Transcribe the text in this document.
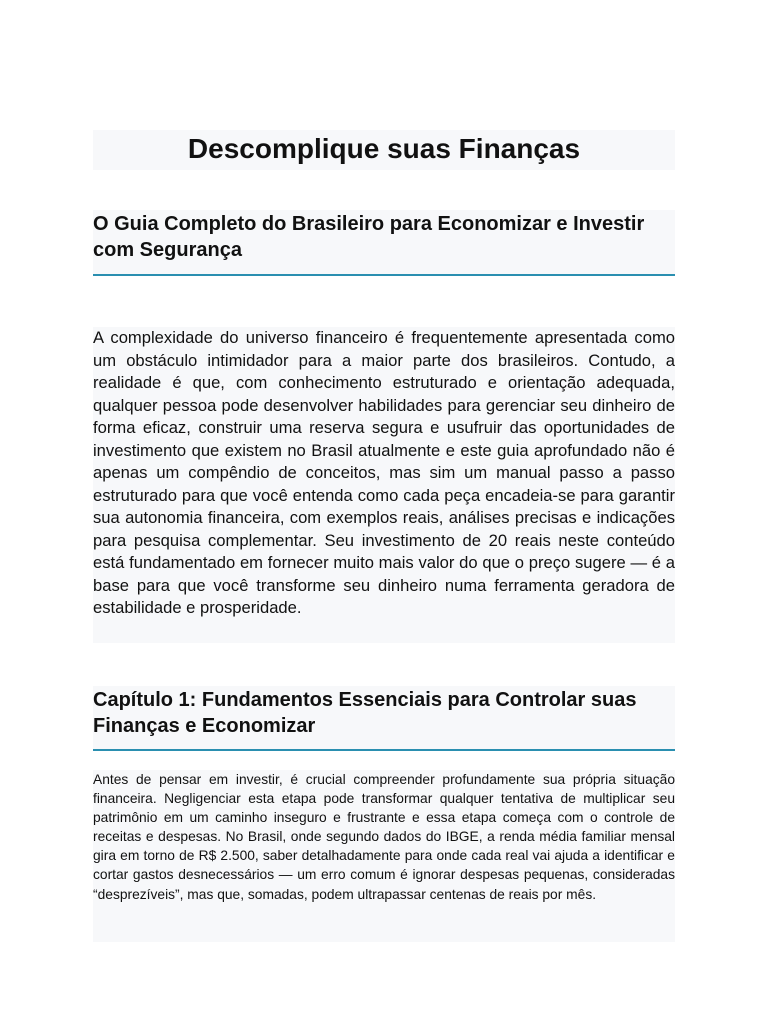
Descomplique suas Finanças
O Guia Completo do Brasileiro para Economizar e Investir com Segurança

A complexidade do universo financeiro é frequentemente apresentada como um obstáculo intimidador para a maior parte dos brasileiros. Contudo, a realidade é que, com conhecimento estruturado e orientação adequada, qualquer pessoa pode desenvolver habilidades para gerenciar seu dinheiro de forma eficaz, construir uma reserva segura e usufruir das oportunidades de investimento que existem no Brasil atualmente e este guia aprofundado não é apenas um compêndio de conceitos, mas sim um manual passo a passo estruturado para que você entenda como cada peça encadeia-se para garantir sua autonomia financeira, com exemplos reais, análises precisas e indicações para pesquisa complementar. Seu investimento de 20 reais neste conteúdo está fundamentado em fornecer muito mais valor do que o preço sugere — é a base para que você transforme seu dinheiro numa ferramenta geradora de estabilidade e prosperidade.

Capítulo 1: Fundamentos Essenciais para Controlar suas Finanças e Economizar

Antes de pensar em investir, é crucial compreender profundamente sua própria situação financeira. Negligenciar esta etapa pode transformar qualquer tentativa de multiplicar seu patrimônio em um caminho inseguro e frustrante e essa etapa começa com o controle de receitas e despesas. No Brasil, onde segundo dados do IBGE, a renda média familiar mensal gira em torno de R$ 2.500, saber detalhadamente para onde cada real vai ajuda a identificar e cortar gastos desnecessários — um erro comum é ignorar despesas pequenas, consideradas “desprezíveis”, mas que, somadas, podem ultrapassar centenas de reais por mês.
